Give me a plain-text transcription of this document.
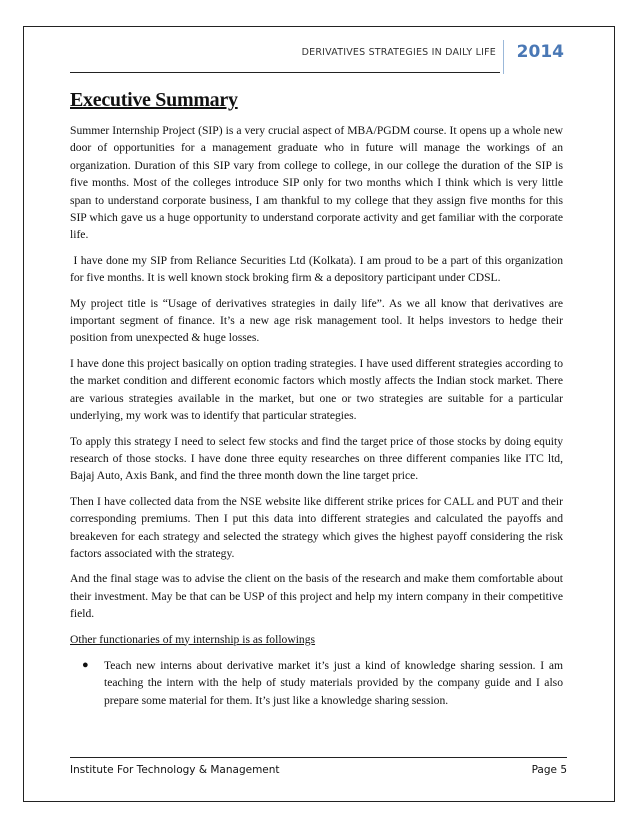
DERIVATIVES STRATEGIES IN DAILY LIFE 2014
Executive Summary

Summer Internship Project (SIP) is a very crucial aspect of MBA/PGDM course. It opens up a whole new door of opportunities for a management graduate who in future will manage the workings of an organization. Duration of this SIP vary from college to college, in our college the duration of the SIP is five months. Most of the colleges introduce SIP only for two months which I think which is very little span to understand corporate business, I am thankful to my college that they assign five months for this SIP which gave us a huge opportunity to understand corporate activity and get familiar with the corporate life.

I have done my SIP from Reliance Securities Ltd (Kolkata). I am proud to be a part of this organization for five months. It is well known stock broking firm & a depository participant under CDSL.

My project title is “Usage of derivatives strategies in daily life”. As we all know that derivatives are important segment of finance. It’s a new age risk management tool. It helps investors to hedge their position from unexpected & huge losses.

I have done this project basically on option trading strategies. I have used different strategies according to the market condition and different economic factors which mostly affects the Indian stock market. There are various strategies available in the market, but one or two strategies are suitable for a particular underlying, my work was to identify that particular strategies.

To apply this strategy I need to select few stocks and find the target price of those stocks by doing equity research of those stocks. I have done three equity researches on three different companies like ITC ltd, Bajaj Auto, Axis Bank, and find the three month down the line target price.

Then I have collected data from the NSE website like different strike prices for CALL and PUT and their corresponding premiums. Then I put this data into different strategies and calculated the payoffs and breakeven for each strategy and selected the strategy which gives the highest payoff considering the risk factors associated with the strategy.

And the final stage was to advise the client on the basis of the research and make them comfortable about their investment. May be that can be USP of this project and help my intern company in their competitive field.

Other functionaries of my internship is as followings
● Teach new interns about derivative market it’s just a kind of knowledge sharing session. I am teaching the intern with the help of study materials provided by the company guide and I also prepare some material for them. It’s just like a knowledge sharing session.
Institute For Technology & Management	Page 5
